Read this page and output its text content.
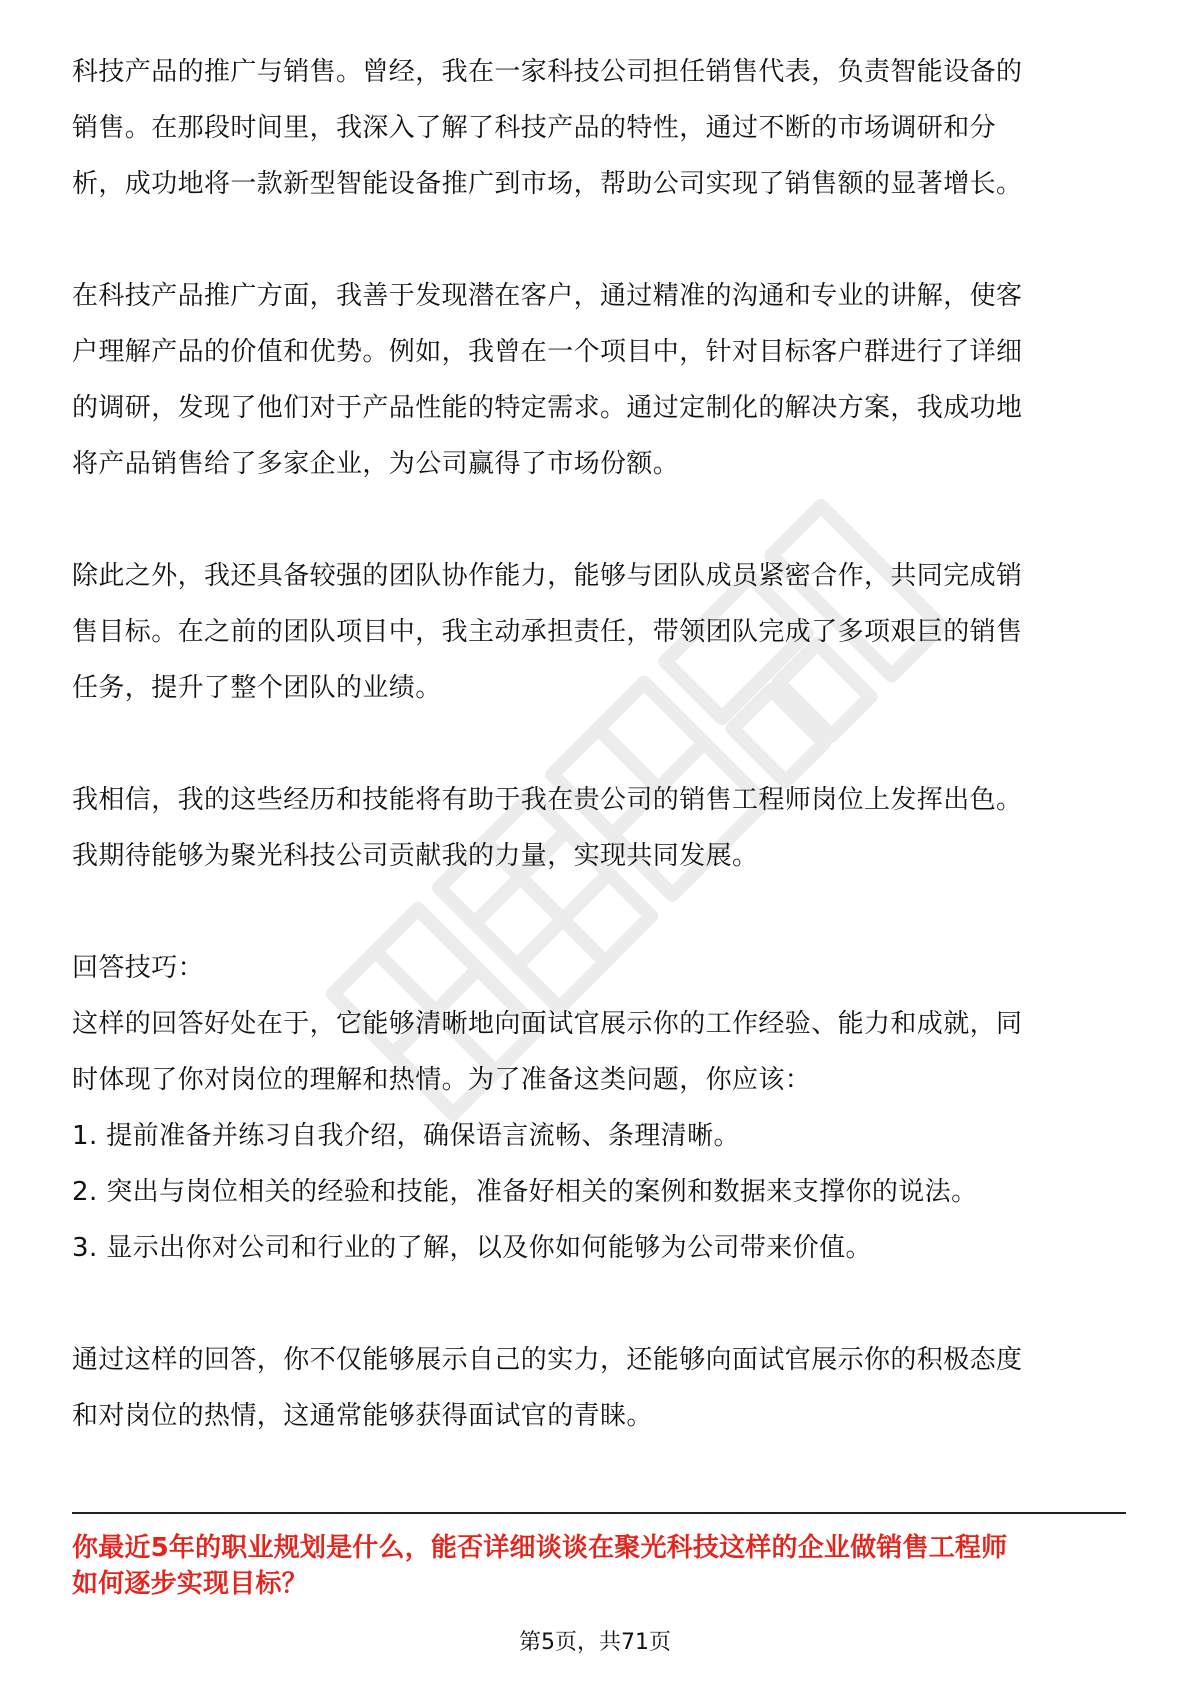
科技产品的推广与销售。曾经，我在一家科技公司担任销售代表，负责智能设备的
销售。在那段时间里，我深入了解了科技产品的特性，通过不断的市场调研和分
析，成功地将一款新型智能设备推广到市场，帮助公司实现了销售额的显著增长。
在科技产品推广方面，我善于发现潜在客户，通过精准的沟通和专业的讲解，使客
户理解产品的价值和优势。例如，我曾在一个项目中，针对目标客户群进行了详细
的调研，发现了他们对于产品性能的特定需求。通过定制化的解决方案，我成功地
将产品销售给了多家企业，为公司赢得了市场份额。
除此之外，我还具备较强的团队协作能力，能够与团队成员紧密合作，共同完成销
售目标。在之前的团队项目中，我主动承担责任，带领团队完成了多项艰巨的销售
任务，提升了整个团队的业绩。
我相信，我的这些经历和技能将有助于我在贵公司的销售工程师岗位上发挥出色。
我期待能够为聚光科技公司贡献我的力量，实现共同发展。
回答技巧：
这样的回答好处在于，它能够清晰地向面试官展示你的工作经验、能力和成就，同
时体现了你对岗位的理解和热情。为了准备这类问题，你应该：
1. 提前准备并练习自我介绍，确保语言流畅、条理清晰。
2. 突出与岗位相关的经验和技能，准备好相关的案例和数据来支撑你的说法。
3. 显示出你对公司和行业的了解，以及你如何能够为公司带来价值。
通过这样的回答，你不仅能够展示自己的实力，还能够向面试官展示你的积极态度
和对岗位的热情，这通常能够获得面试官的青睐。
你最近5年的职业规划是什么，能否详细谈谈在聚光科技这样的企业做销售工程师
如何逐步实现目标？
第5页，共71页
